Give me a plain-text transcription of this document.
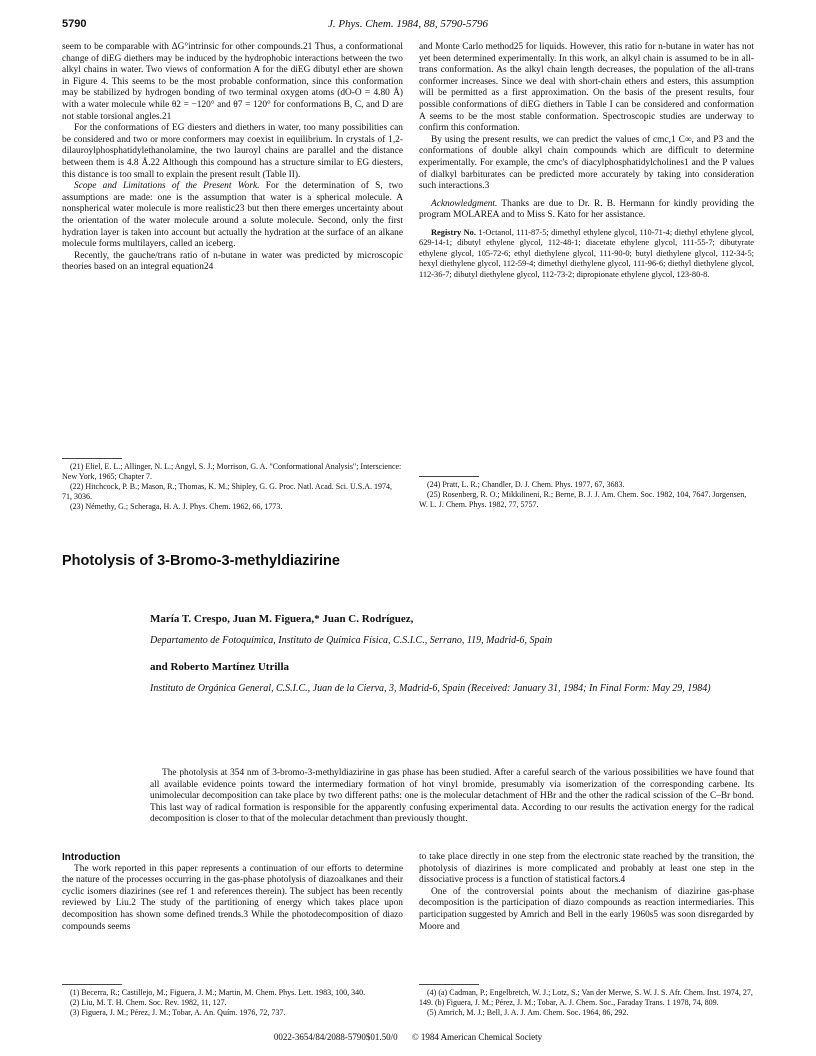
5790	J. Phys. Chem. 1984, 88, 5790-5796

seem to be comparable with ΔG°intrinsic for other compounds.21 Thus, a conformational change of diEG diethers may be induced by the hydrophobic interactions between the two alkyl chains in water. Two views of conformation A for the diEG dibutyl ether are shown in Figure 4. This seems to be the most probable conformation, since this conformation may be stabilized by hydrogen bonding of two terminal oxygen atoms (dO-O = 4.80 Å) with a water molecule while θ2 = −120° and θ7 = 120° for conformations B, C, and D are not stable torsional angles.21

For the conformations of EG diesters and diethers in water, too many possibilities can be considered and two or more conformers may coexist in equilibrium. In crystals of 1,2-dilauroylphosphatidylethanolamine, the two lauroyl chains are parallel and the distance between them is 4.8 Å.22 Although this compound has a structure similar to EG diesters, this distance is too small to explain the present result (Table II).

Scope and Limitations of the Present Work. For the determination of S, two assumptions are made: one is the assumption that water is a spherical molecule. A nonspherical water molecule is more realistic23 but then there emerges uncertainty about the orientation of the water molecule around a solute molecule. Second, only the first hydration layer is taken into account but actually the hydration at the surface of an alkane molecule forms multilayers, called an iceberg.

Recently, the gauche/trans ratio of n-butane in water was predicted by microscopic theories based on an integral equation24

(21) Eliel, E. L.; Allinger, N. L.; Angyl, S. J.; Morrison, G. A. "Conformational Analysis"; Interscience: New York, 1965; Chapter 7.
(22) Hitchcock, P. B.; Mason, R.; Thomas, K. M.; Shipley, G. G. Proc. Natl. Acad. Sci. U.S.A. 1974, 71, 3036.
(23) Némethy, G.; Scheraga, H. A. J. Phys. Chem. 1962, 66, 1773.

and Monte Carlo method25 for liquids. However, this ratio for n-butane in water has not yet been determined experimentally. In this work, an alkyl chain is assumed to be in all-trans conformation. As the alkyl chain length decreases, the population of the all-trans conformer increases. Since we deal with short-chain ethers and esters, this assumption will be permitted as a first approximation. On the basis of the present results, four possible conformations of diEG diethers in Table I can be considered and conformation A seems to be the most stable conformation. Spectroscopic studies are underway to confirm this conformation.

By using the present results, we can predict the values of cmc,1 C∞, and P3 and the conformations of double alkyl chain compounds which are difficult to determine experimentally. For example, the cmc's of diacylphosphatidylcholines1 and the P values of dialkyl barbiturates can be predicted more accurately by taking into consideration such interactions.3

Acknowledgment. Thanks are due to Dr. R. B. Hermann for kindly providing the program MOLAREA and to Miss S. Kato for her assistance.

Registry No. 1-Octanol, 111-87-5; dimethyl ethylene glycol, 110-71-4; diethyl ethylene glycol, 629-14-1; dibutyl ethylene glycol, 112-48-1; diacetate ethylene glycol, 111-55-7; dibutyrate ethylene glycol, 105-72-6; ethyl diethylene glycol, 111-90-0; butyl diethylene glycol, 112-34-5; hexyl diethylene glycol, 112-59-4; dimethyl diethylene glycol, 111-96-6; diethyl diethylene glycol, 112-36-7; dibutyl diethylene glycol, 112-73-2; dipropionate ethylene glycol, 123-80-8.

(24) Pratt, L. R.; Chandler, D. J. Chem. Phys. 1977, 67, 3683.
(25) Rosenberg, R. O.; Mikkilineni, R.; Berne, B. J. J. Am. Chem. Soc. 1982, 104, 7647. Jorgensen, W. L. J. Chem. Phys. 1982, 77, 5757.
Photolysis of 3-Bromo-3-methyldiazirine
María T. Crespo, Juan M. Figuera,* Juan C. Rodríguez,
Departamento de Fotoquímica, Instituto de Química Física, C.S.I.C., Serrano, 119, Madrid-6, Spain
and Roberto Martínez Utrilla
Instituto de Orgánica General, C.S.I.C., Juan de la Cierva, 3, Madrid-6, Spain (Received: January 31, 1984; In Final Form: May 29, 1984)

The photolysis at 354 nm of 3-bromo-3-methyldiazirine in gas phase has been studied. After a careful search of the various possibilities we have found that all available evidence points toward the intermediary formation of hot vinyl bromide, presumably via isomerization of the corresponding carbene. Its unimolecular decomposition can take place by two different paths: one is the molecular detachment of HBr and the other the radical scission of the C–Br bond. This last way of radical formation is responsible for the apparently confusing experimental data. According to our results the activation energy for the radical decomposition is closer to that of the molecular detachment than previously thought.

Introduction

The work reported in this paper represents a continuation of our efforts to determine the nature of the processes occurring in the gas-phase photolysis of diazoalkanes and their cyclic isomers diazirines (see ref 1 and references therein). The subject has been recently reviewed by Liu.2 The study of the partitioning of energy which takes place upon decomposition has shown some defined trends.3 While the photodecomposition of diazo compounds seems

to take place directly in one step from the electronic state reached by the transition, the photolysis of diazirines is more complicated and probably at least one step in the dissociative process is a function of statistical factors.4

One of the controversial points about the mechanism of diazirine gas-phase decomposition is the participation of diazo compounds as reaction intermediaries. This participation suggested by Amrich and Bell in the early 1960s5 was soon disregarded by Moore and

(1) Becerra, R.; Castillejo, M.; Figuera, J. M.; Martin, M. Chem. Phys. Lett. 1983, 100, 340.
(2) Liu, M. T. H. Chem. Soc. Rev. 1982, 11, 127.
(3) Figuera, J. M.; Pérez, J. M.; Tobar, A. An. Quím. 1976, 72, 737.
(4) (a) Cadman, P.; Engelbretch, W. J.; Lotz, S.; Van der Merwe, S. W. J. S. Afr. Chem. Inst. 1974, 27, 149. (b) Figuera, J. M.; Pérez, J. M.; Tobar, A. J. Chem. Soc., Faraday Trans. 1 1978, 74, 809.
(5) Amrich, M. J.; Bell, J. A. J. Am. Chem. Soc. 1964, 86, 292.
0022-3654/84/2088-5790$01.50/0 © 1984 American Chemical Society
